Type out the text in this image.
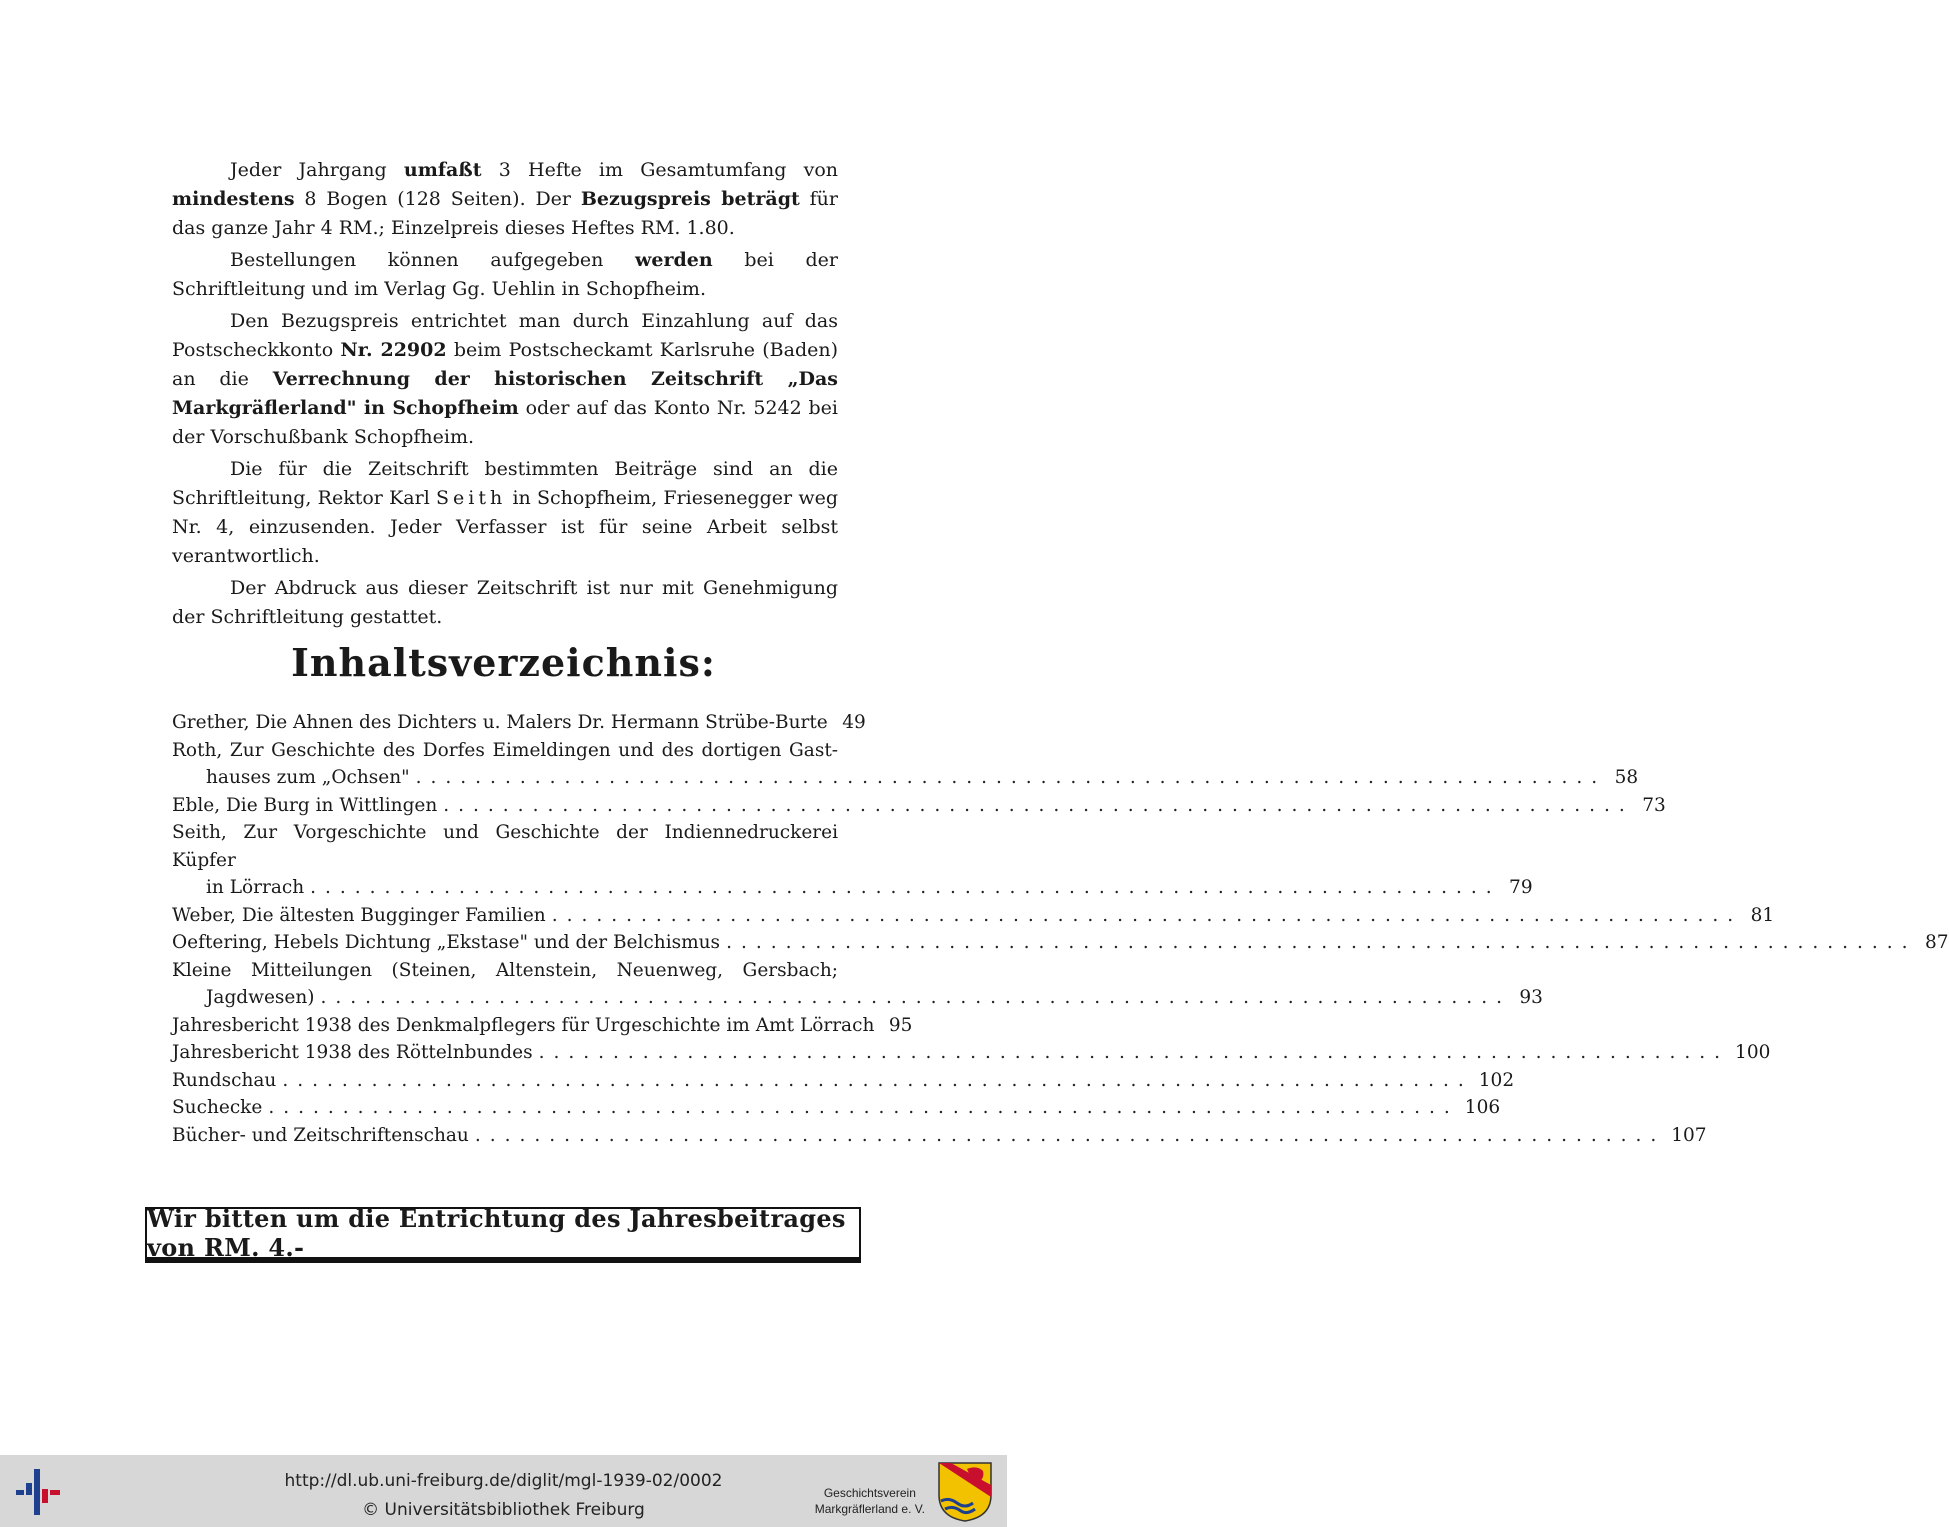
Jeder Jahrgang umfaßt 3 Hefte im Gesamtumfang von mindestens 8 Bogen (128 Seiten). Der Bezugspreis beträgt für das ganze Jahr 4 RM.; Einzelpreis dieses Heftes RM. 1.80.

Bestellungen können aufgegeben werden bei der Schriftleitung und im Verlag Gg. Uehlin in Schopfheim.

Den Bezugspreis entrichtet man durch Einzahlung auf das Postscheckkonto Nr. 22902 beim Postscheckamt Karlsruhe (Baden) an die Verrechnung der historischen Zeitschrift „Das Markgräflerland" in Schopfheim oder auf das Konto Nr. 5242 bei der Vorschußbank Schopfheim.

Die für die Zeitschrift bestimmten Beiträge sind an die Schriftleitung, Rektor Karl Seith in Schopfheim, Friesenegger weg Nr. 4, einzusenden. Jeder Verfasser ist für seine Arbeit selbst verantwortlich.

Der Abdruck aus dieser Zeitschrift ist nur mit Genehmigung der Schriftleitung gestattet.

Inhaltsverzeichnis:
Grether, Die Ahnen des Dichters u. Malers Dr. Hermann Strübe-Burte 49
Roth, Zur Geschichte des Dorfes Eimeldingen und des dortigen Gast-
hauses zum „Ochsen" ................................................................................ 58
Eble, Die Burg in Wittlingen ................................................................................ 73
Seith, Zur Vorgeschichte und Geschichte der Indiennedruckerei Küpfer
in Lörrach ................................................................................ 79
Weber, Die ältesten Bugginger Familien ................................................................................ 81
Oeftering, Hebels Dichtung „Ekstase" und der Belchismus ................................................................................ 87
Kleine Mitteilungen (Steinen, Altenstein, Neuenweg, Gersbach;
Jagdwesen) ................................................................................ 93
Jahresbericht 1938 des Denkmalpflegers für Urgeschichte im Amt Lörrach 95
Jahresbericht 1938 des Röttelnbundes ................................................................................ 100
Rundschau ................................................................................ 102
Suchecke ................................................................................ 106
Bücher- und Zeitschriftenschau ................................................................................ 107
Wir bitten um die Entrichtung des Jahresbeitrages von RM. 4.-
http://dl.ub.uni-freiburg.de/diglit/mgl-1939-02/0002
© Universitätsbibliothek Freiburg
Geschichtsverein
Markgräflerland e. V.
